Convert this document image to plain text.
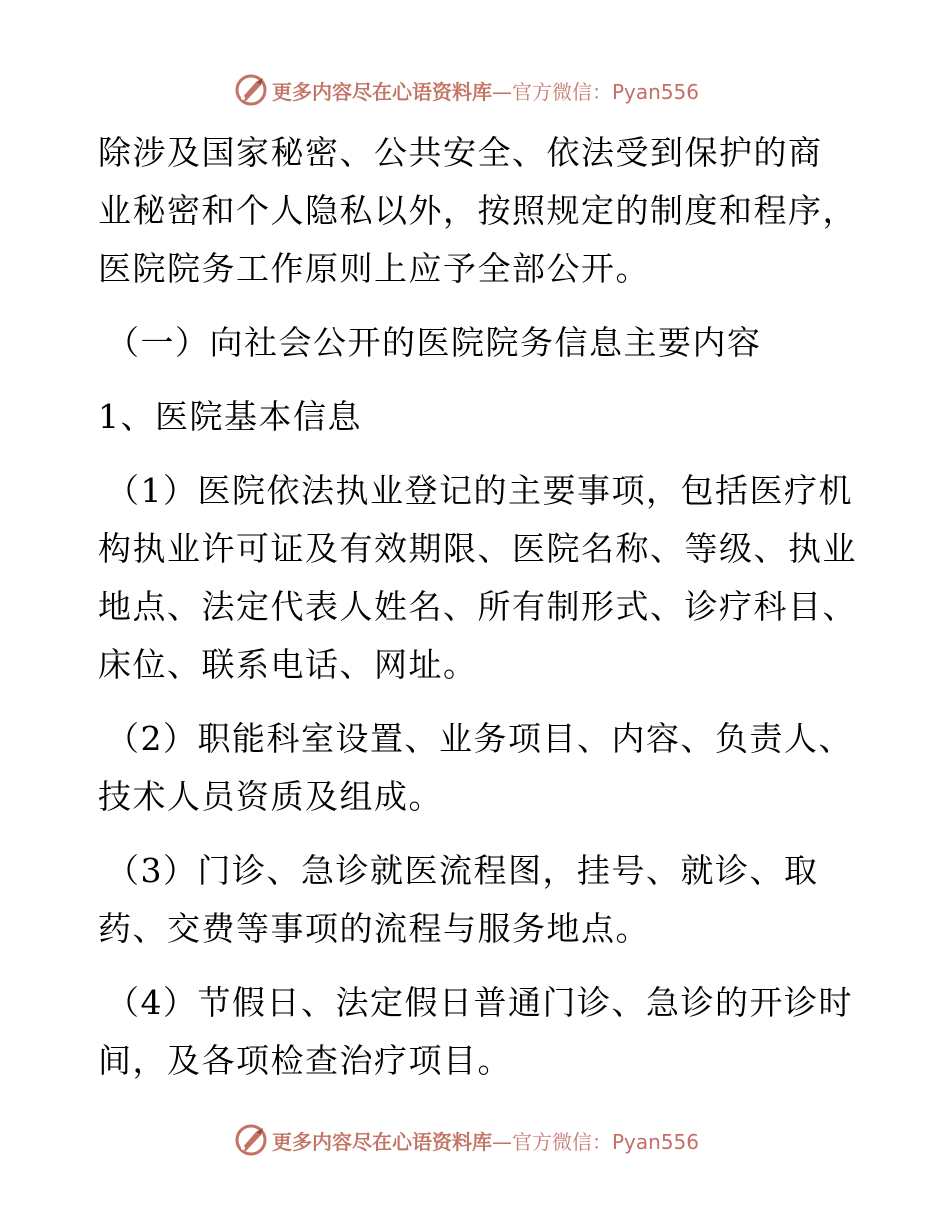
更多内容尽在心语资料库—官方微信：Pyan556

除涉及国家秘密、公共安全、依法受到保护的商
业秘密和个人隐私以外，按照规定的制度和程序，
医院院务工作原则上应予全部公开。

（一）向社会公开的医院院务信息主要内容

1、医院基本信息

（1）医院依法执业登记的主要事项，包括医疗机
构执业许可证及有效期限、医院名称、等级、执业
地点、法定代表人姓名、所有制形式、诊疗科目、
床位、联系电话、网址。

（2）职能科室设置、业务项目、内容、负责人、
技术人员资质及组成。

（3）门诊、急诊就医流程图，挂号、就诊、取
药、交费等事项的流程与服务地点。

（4）节假日、法定假日普通门诊、急诊的开诊时
间，及各项检查治疗项目。

更多内容尽在心语资料库—官方微信：Pyan556
